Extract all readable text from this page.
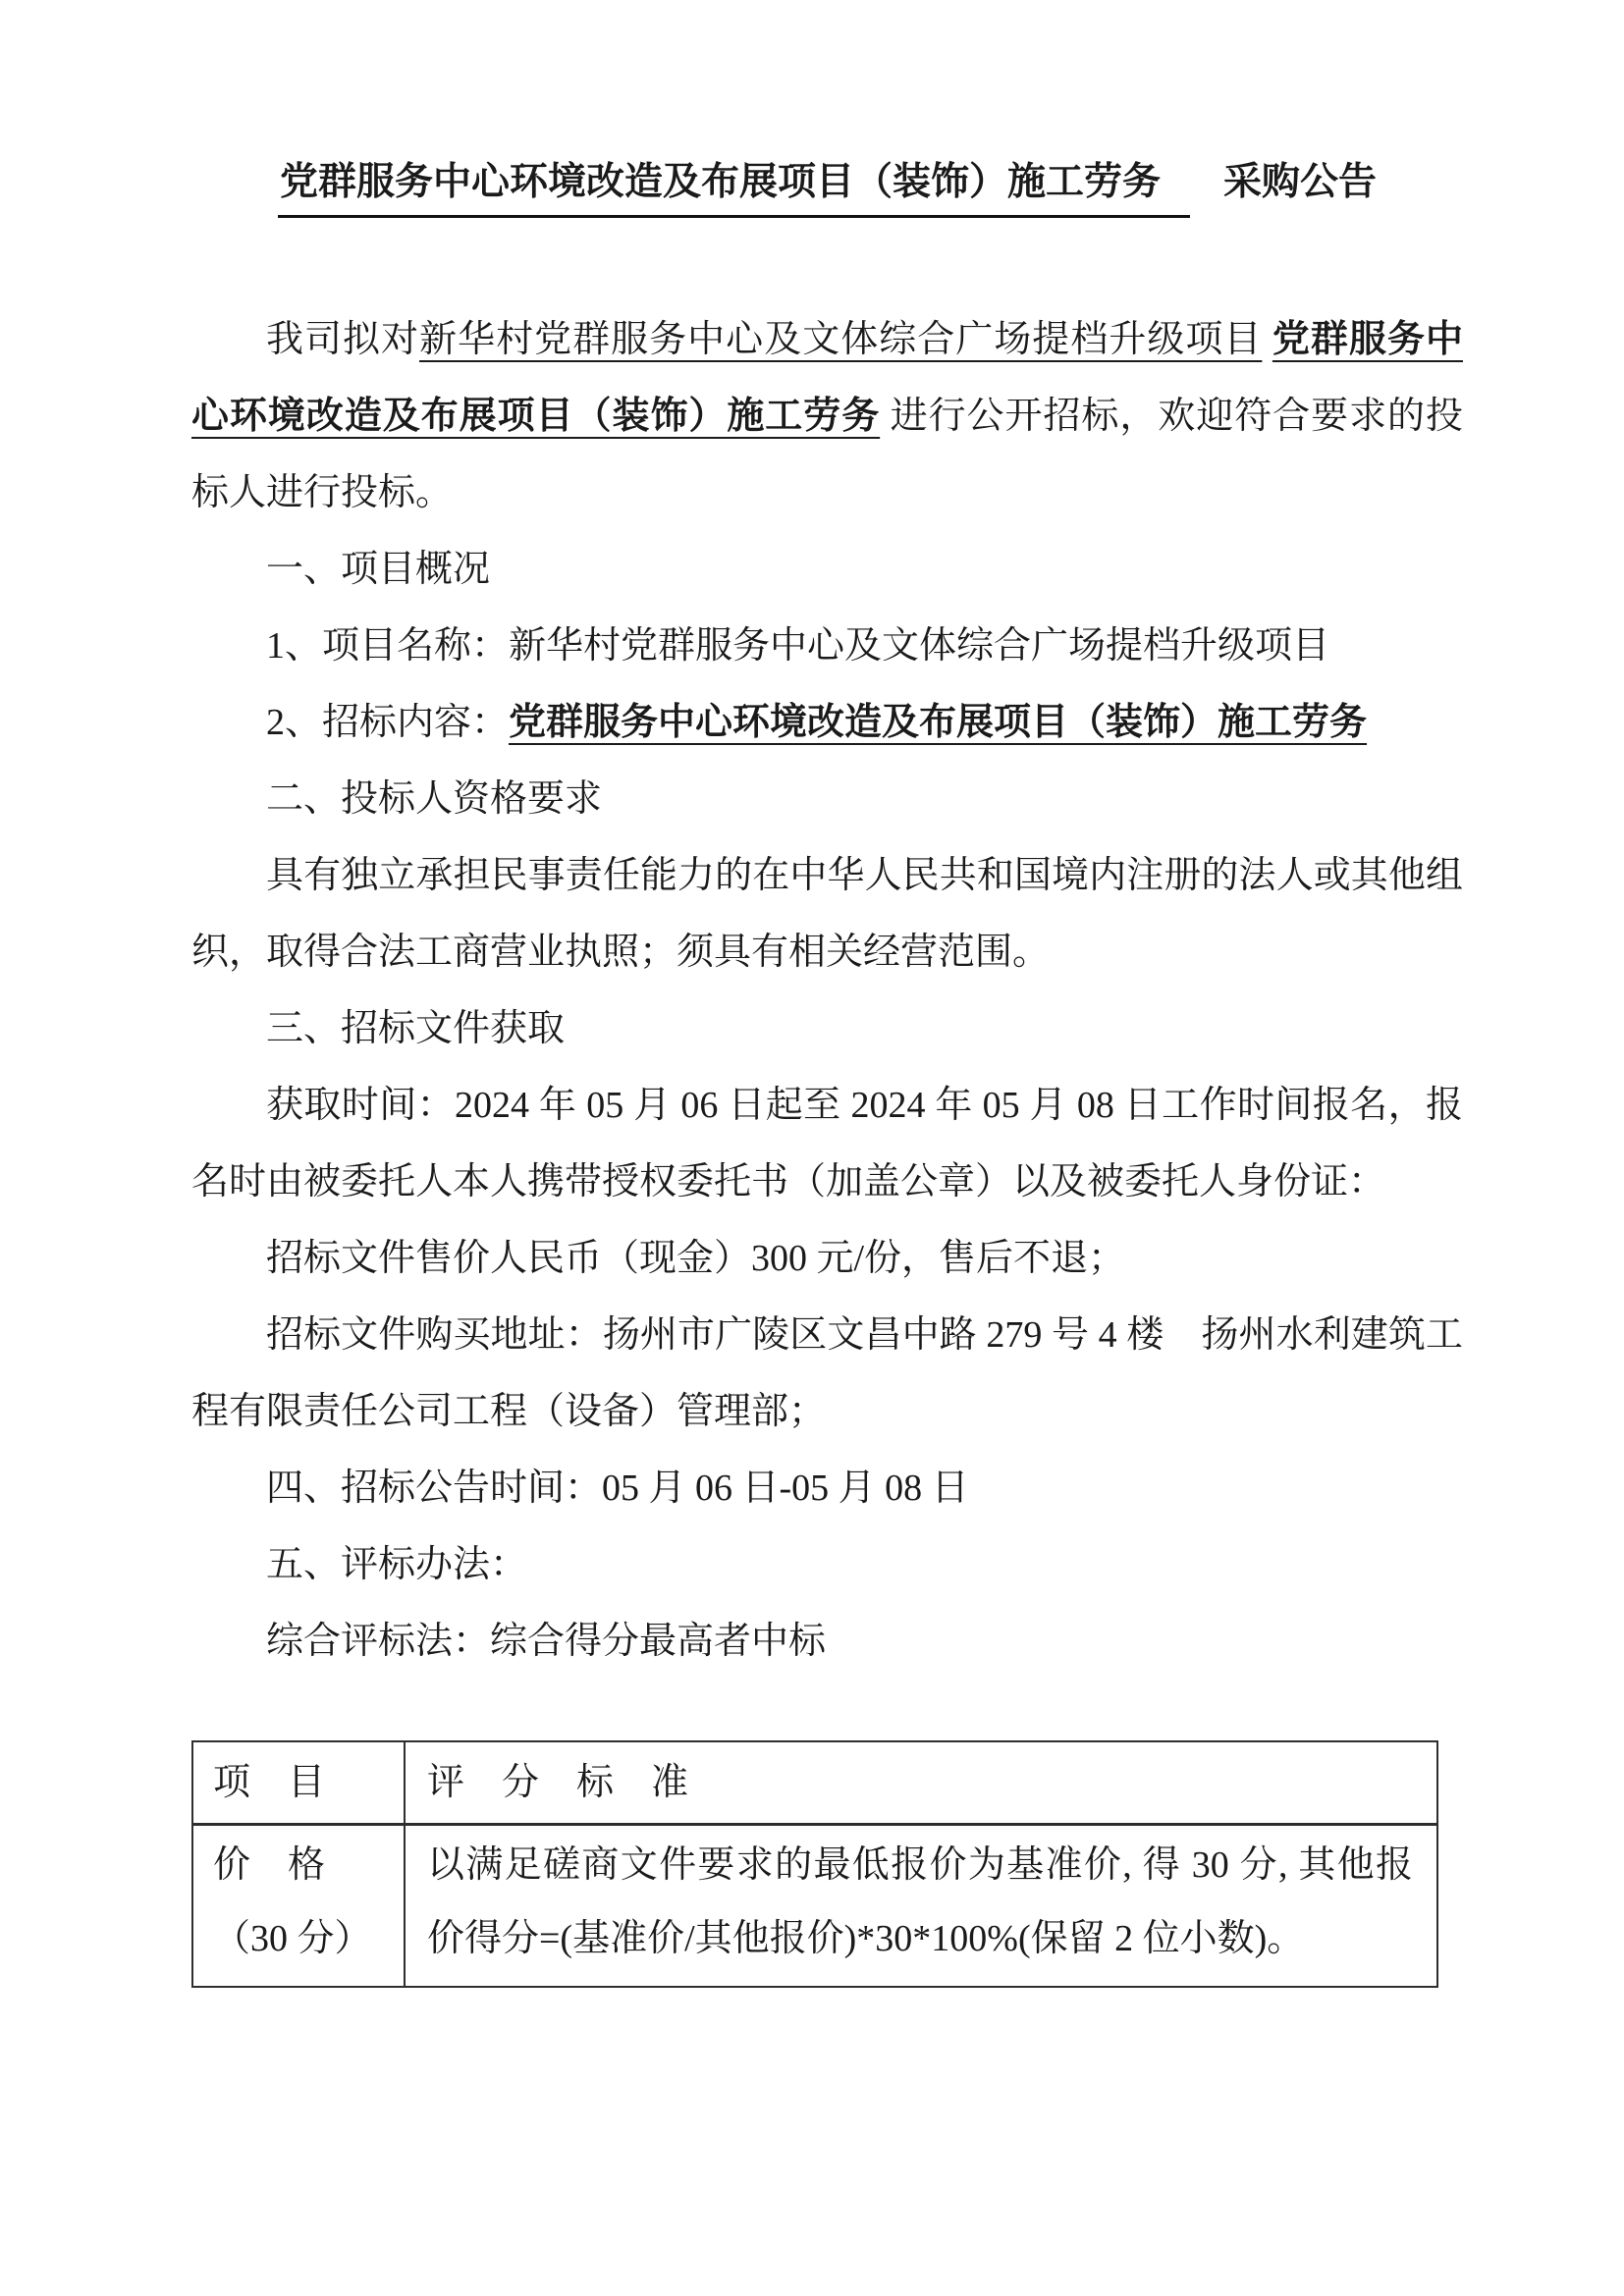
党群服务中心环境改造及布展项目（装饰）施工劳务 采购公告

我司拟对新华村党群服务中心及文体综合广场提档升级项目 党群服务中心环境改造及布展项目（装饰）施工劳务 进行公开招标，欢迎符合要求的投标人进行投标。

一、项目概况

1、项目名称：新华村党群服务中心及文体综合广场提档升级项目

2、招标内容：党群服务中心环境改造及布展项目（装饰）施工劳务

二、投标人资格要求

具有独立承担民事责任能力的在中华人民共和国境内注册的法人或其他组织，取得合法工商营业执照；须具有相关经营范围。

三、招标文件获取

获取时间：2024 年 05 月 06 日起至 2024 年 05 月 08 日工作时间报名，报名时由被委托人本人携带授权委托书（加盖公章）以及被委托人身份证：

招标文件售价人民币（现金）300 元/份，售后不退；

招标文件购买地址：扬州市广陵区文昌中路 279 号 4 楼　扬州水利建筑工程有限责任公司工程（设备）管理部；

四、招标公告时间：05 月 06 日-05 月 08 日

五、评标办法：

综合评标法：综合得分最高者中标

项　目	评　分　标　准

价　格
（30 分）	以满足磋商文件要求的最低报价为基准价, 得 30 分, 其他报价得分=(基准价/其他报价)*30*100%(保留 2 位小数)。
